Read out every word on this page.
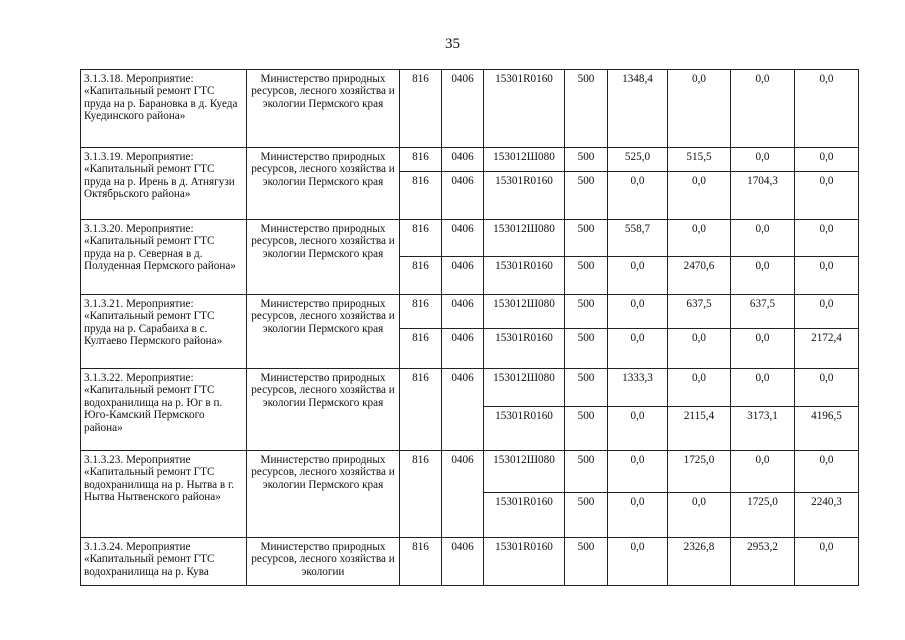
35
3.1.3.18. Мероприятие: «Капитальный ремонт ГТС пруда на р. Барановка в д. Куеда Куединского района»	Министерство природных ресурсов, лесного хозяйства и экологии Пермского края	816	0406	15301R0160	500	1348,4	0,0	0,0	0,0
3.1.3.19. Мероприятие: «Капитальный ремонт ГТС пруда на р. Ирень в д. Атнягузи Октябрьского района»	Министерство природных ресурсов, лесного хозяйства и экологии Пермского края	816	0406	153012Ш080	500	525,0	515,5	0,0	0,0
		816	0406	15301R0160	500	0,0	0,0	1704,3	0,0
3.1.3.20. Мероприятие: «Капитальный ремонт ГТС пруда на р. Северная в д. Полуденная Пермского района»	Министерство природных ресурсов, лесного хозяйства и экологии Пермского края	816	0406	153012Ш080	500	558,7	0,0	0,0	0,0
		816	0406	15301R0160	500	0,0	2470,6	0,0	0,0
3.1.3.21. Мероприятие: «Капитальный ремонт ГТС пруда на р. Сарабаиха в с. Култаево Пермского района»	Министерство природных ресурсов, лесного хозяйства и экологии Пермского края	816	0406	153012Ш080	500	0,0	637,5	637,5	0,0
		816	0406	15301R0160	500	0,0	0,0	0,0	2172,4
3.1.3.22. Мероприятие: «Капитальный ремонт ГТС водохранилища на р. Юг в п. Юго-Камский Пермского района»	Министерство природных ресурсов, лесного хозяйства и экологии Пермского края	816	0406	153012Ш080	500	1333,3	0,0	0,0	0,0
				15301R0160	500	0,0	2115,4	3173,1	4196,5
3.1.3.23. Мероприятие «Капитальный ремонт ГТС водохранилища на р. Нытва в г. Нытва Нытвенского района»	Министерство природных ресурсов, лесного хозяйства и экологии Пермского края	816	0406	153012Ш080	500	0,0	1725,0	0,0	0,0
				15301R0160	500	0,0	0,0	1725,0	2240,3
3.1.3.24. Мероприятие «Капитальный ремонт ГТС водохранилища на р. Кува	Министерство природных ресурсов, лесного хозяйства и экологии	816	0406	15301R0160	500	0,0	2326,8	2953,2	0,0
